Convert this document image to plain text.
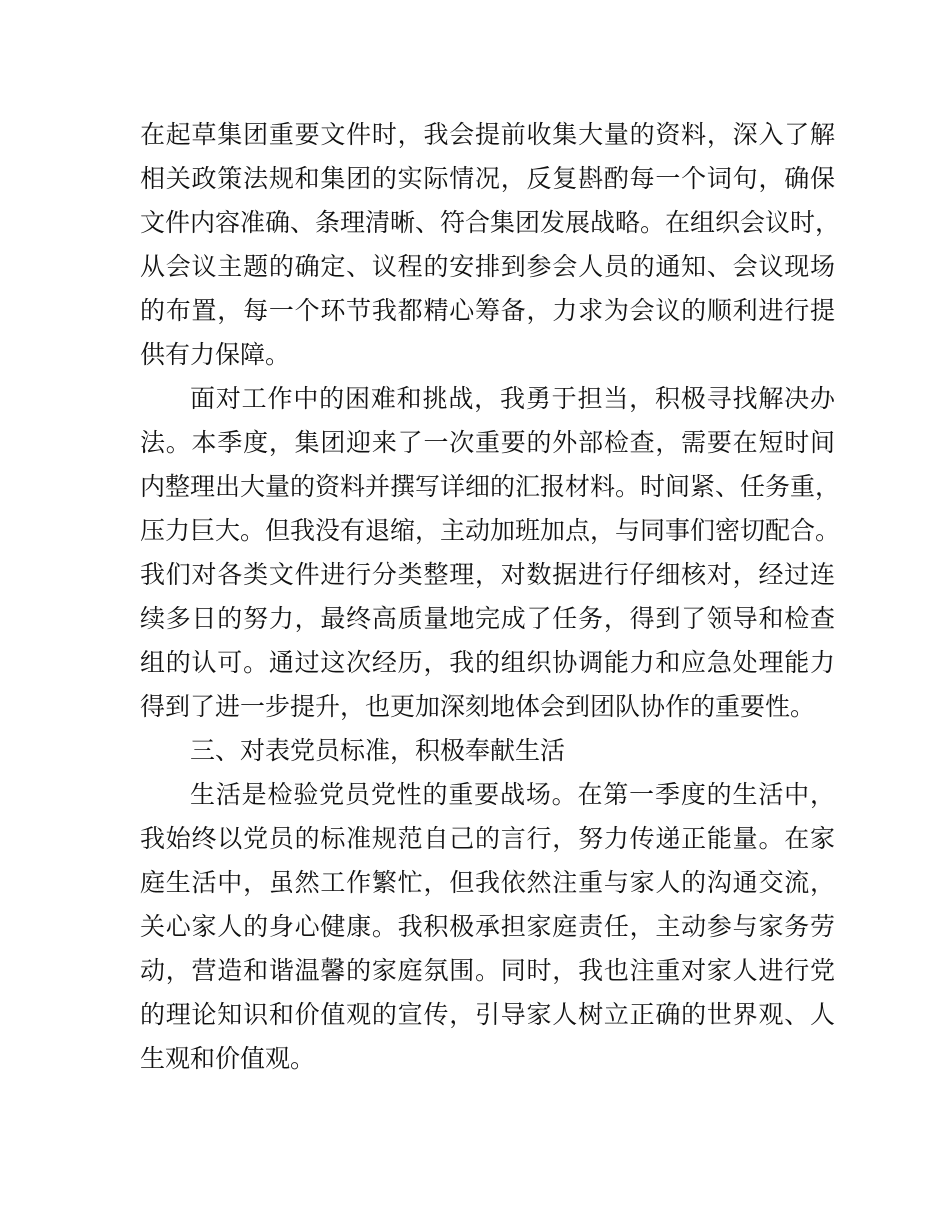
在起草集团重要文件时，我会提前收集大量的资料，深入了解
相关政策法规和集团的实际情况，反复斟酌每一个词句，确保
文件内容准确、条理清晰、符合集团发展战略。在组织会议时，
从会议主题的确定、议程的安排到参会人员的通知、会议现场
的布置，每一个环节我都精心筹备，力求为会议的顺利进行提
供有力保障。

面对工作中的困难和挑战，我勇于担当，积极寻找解决办
法。本季度，集团迎来了一次重要的外部检查，需要在短时间
内整理出大量的资料并撰写详细的汇报材料。时间紧、任务重，
压力巨大。但我没有退缩，主动加班加点，与同事们密切配合。
我们对各类文件进行分类整理，对数据进行仔细核对，经过连
续多日的努力，最终高质量地完成了任务，得到了领导和检查
组的认可。通过这次经历，我的组织协调能力和应急处理能力
得到了进一步提升，也更加深刻地体会到团队协作的重要性。

三、对表党员标准，积极奉献生活

生活是检验党员党性的重要战场。在第一季度的生活中，
我始终以党员的标准规范自己的言行，努力传递正能量。在家
庭生活中，虽然工作繁忙，但我依然注重与家人的沟通交流，
关心家人的身心健康。我积极承担家庭责任，主动参与家务劳
动，营造和谐温馨的家庭氛围。同时，我也注重对家人进行党
的理论知识和价值观的宣传，引导家人树立正确的世界观、人
生观和价值观。
